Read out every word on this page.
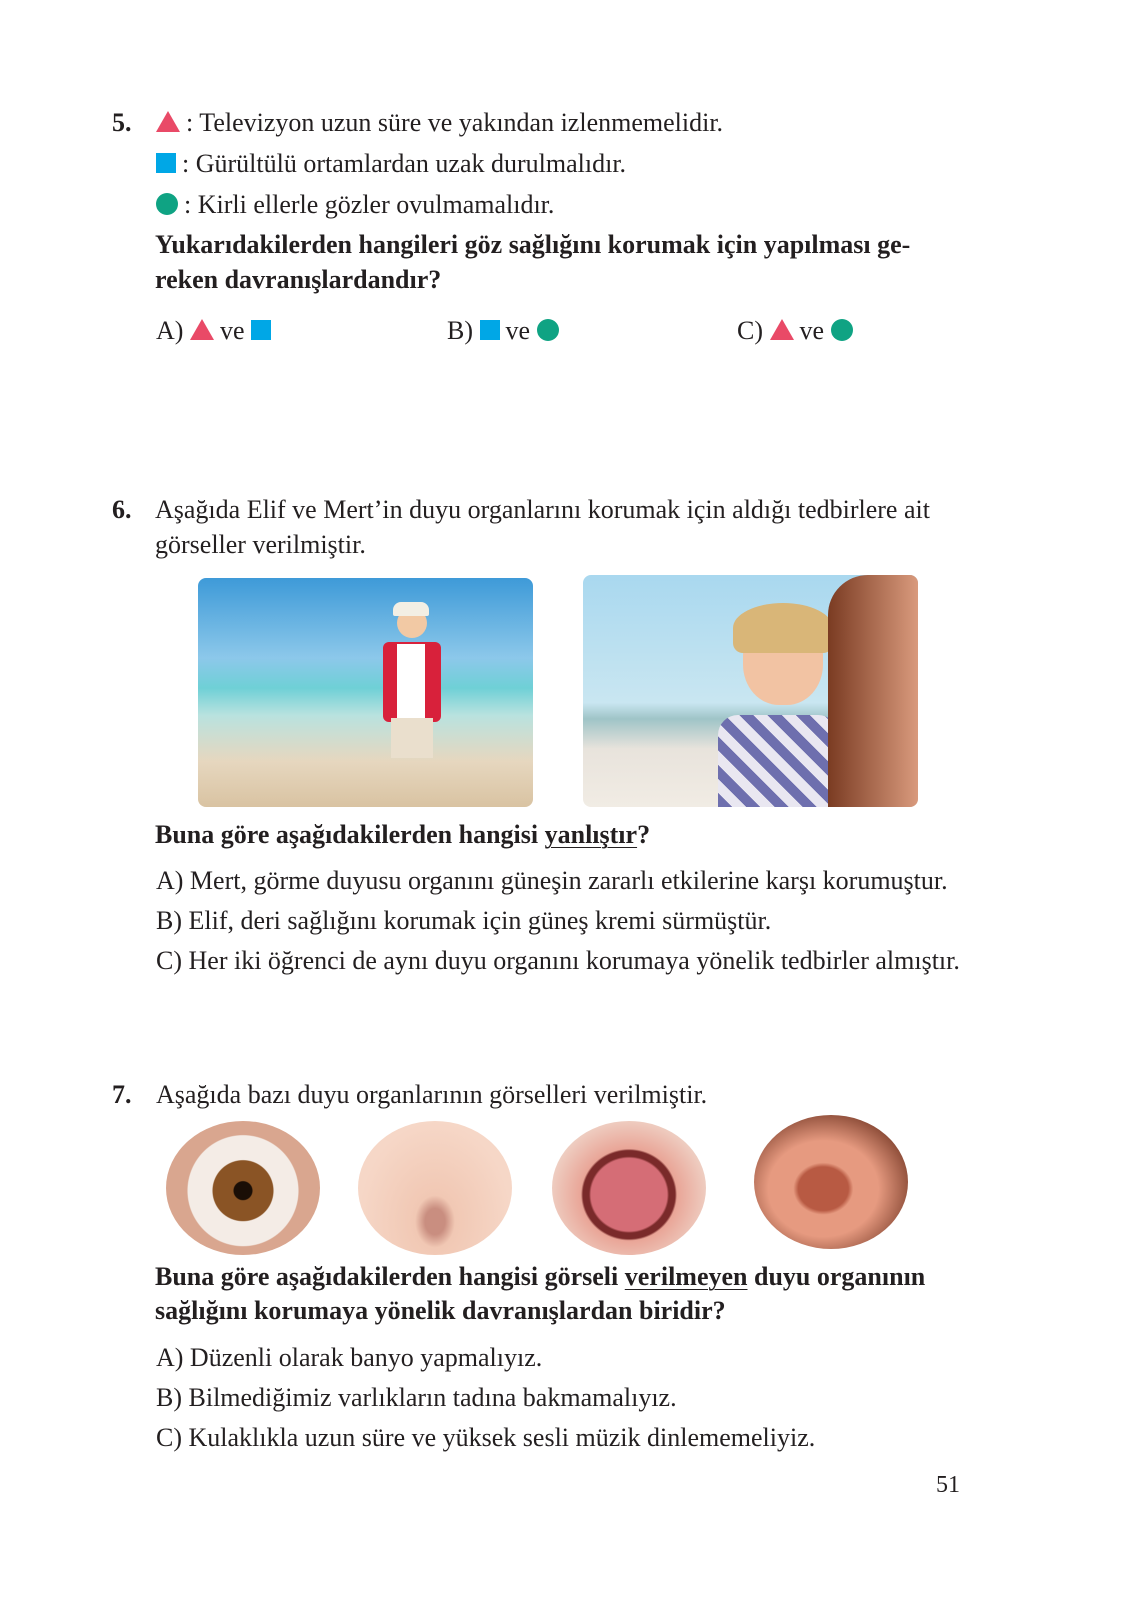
5.	: Televizyon uzun süre ve yakından izlenmemelidir.
: Gürültülü ortamlardan uzak durulmalıdır.
: Kirli ellerle gözler ovulmamalıdır.
Yukarıdakilerden hangileri göz sağlığını korumak için yapılması ge-
reken davranışlardandır?
A) ve	B) ve	C) ve
6. Aşağıda Elif ve Mert’in duyu organlarını korumak için aldığı tedbirlere ait
görseller verilmiştir.
Buna göre aşağıdakilerden hangisi yanlıştır?
A) Mert, görme duyusu organını güneşin zararlı etkilerine karşı korumuştur.
B) Elif, deri sağlığını korumak için güneş kremi sürmüştür.
C) Her iki öğrenci de aynı duyu organını korumaya yönelik tedbirler almıştır.
7. Aşağıda bazı duyu organlarının görselleri verilmiştir.
Buna göre aşağıdakilerden hangisi görseli verilmeyen duyu organının
sağlığını korumaya yönelik davranışlardan biridir?
A) Düzenli olarak banyo yapmalıyız.
B) Bilmediğimiz varlıkların tadına bakmamalıyız.
C) Kulaklıkla uzun süre ve yüksek sesli müzik dinlememeliyiz.
51
